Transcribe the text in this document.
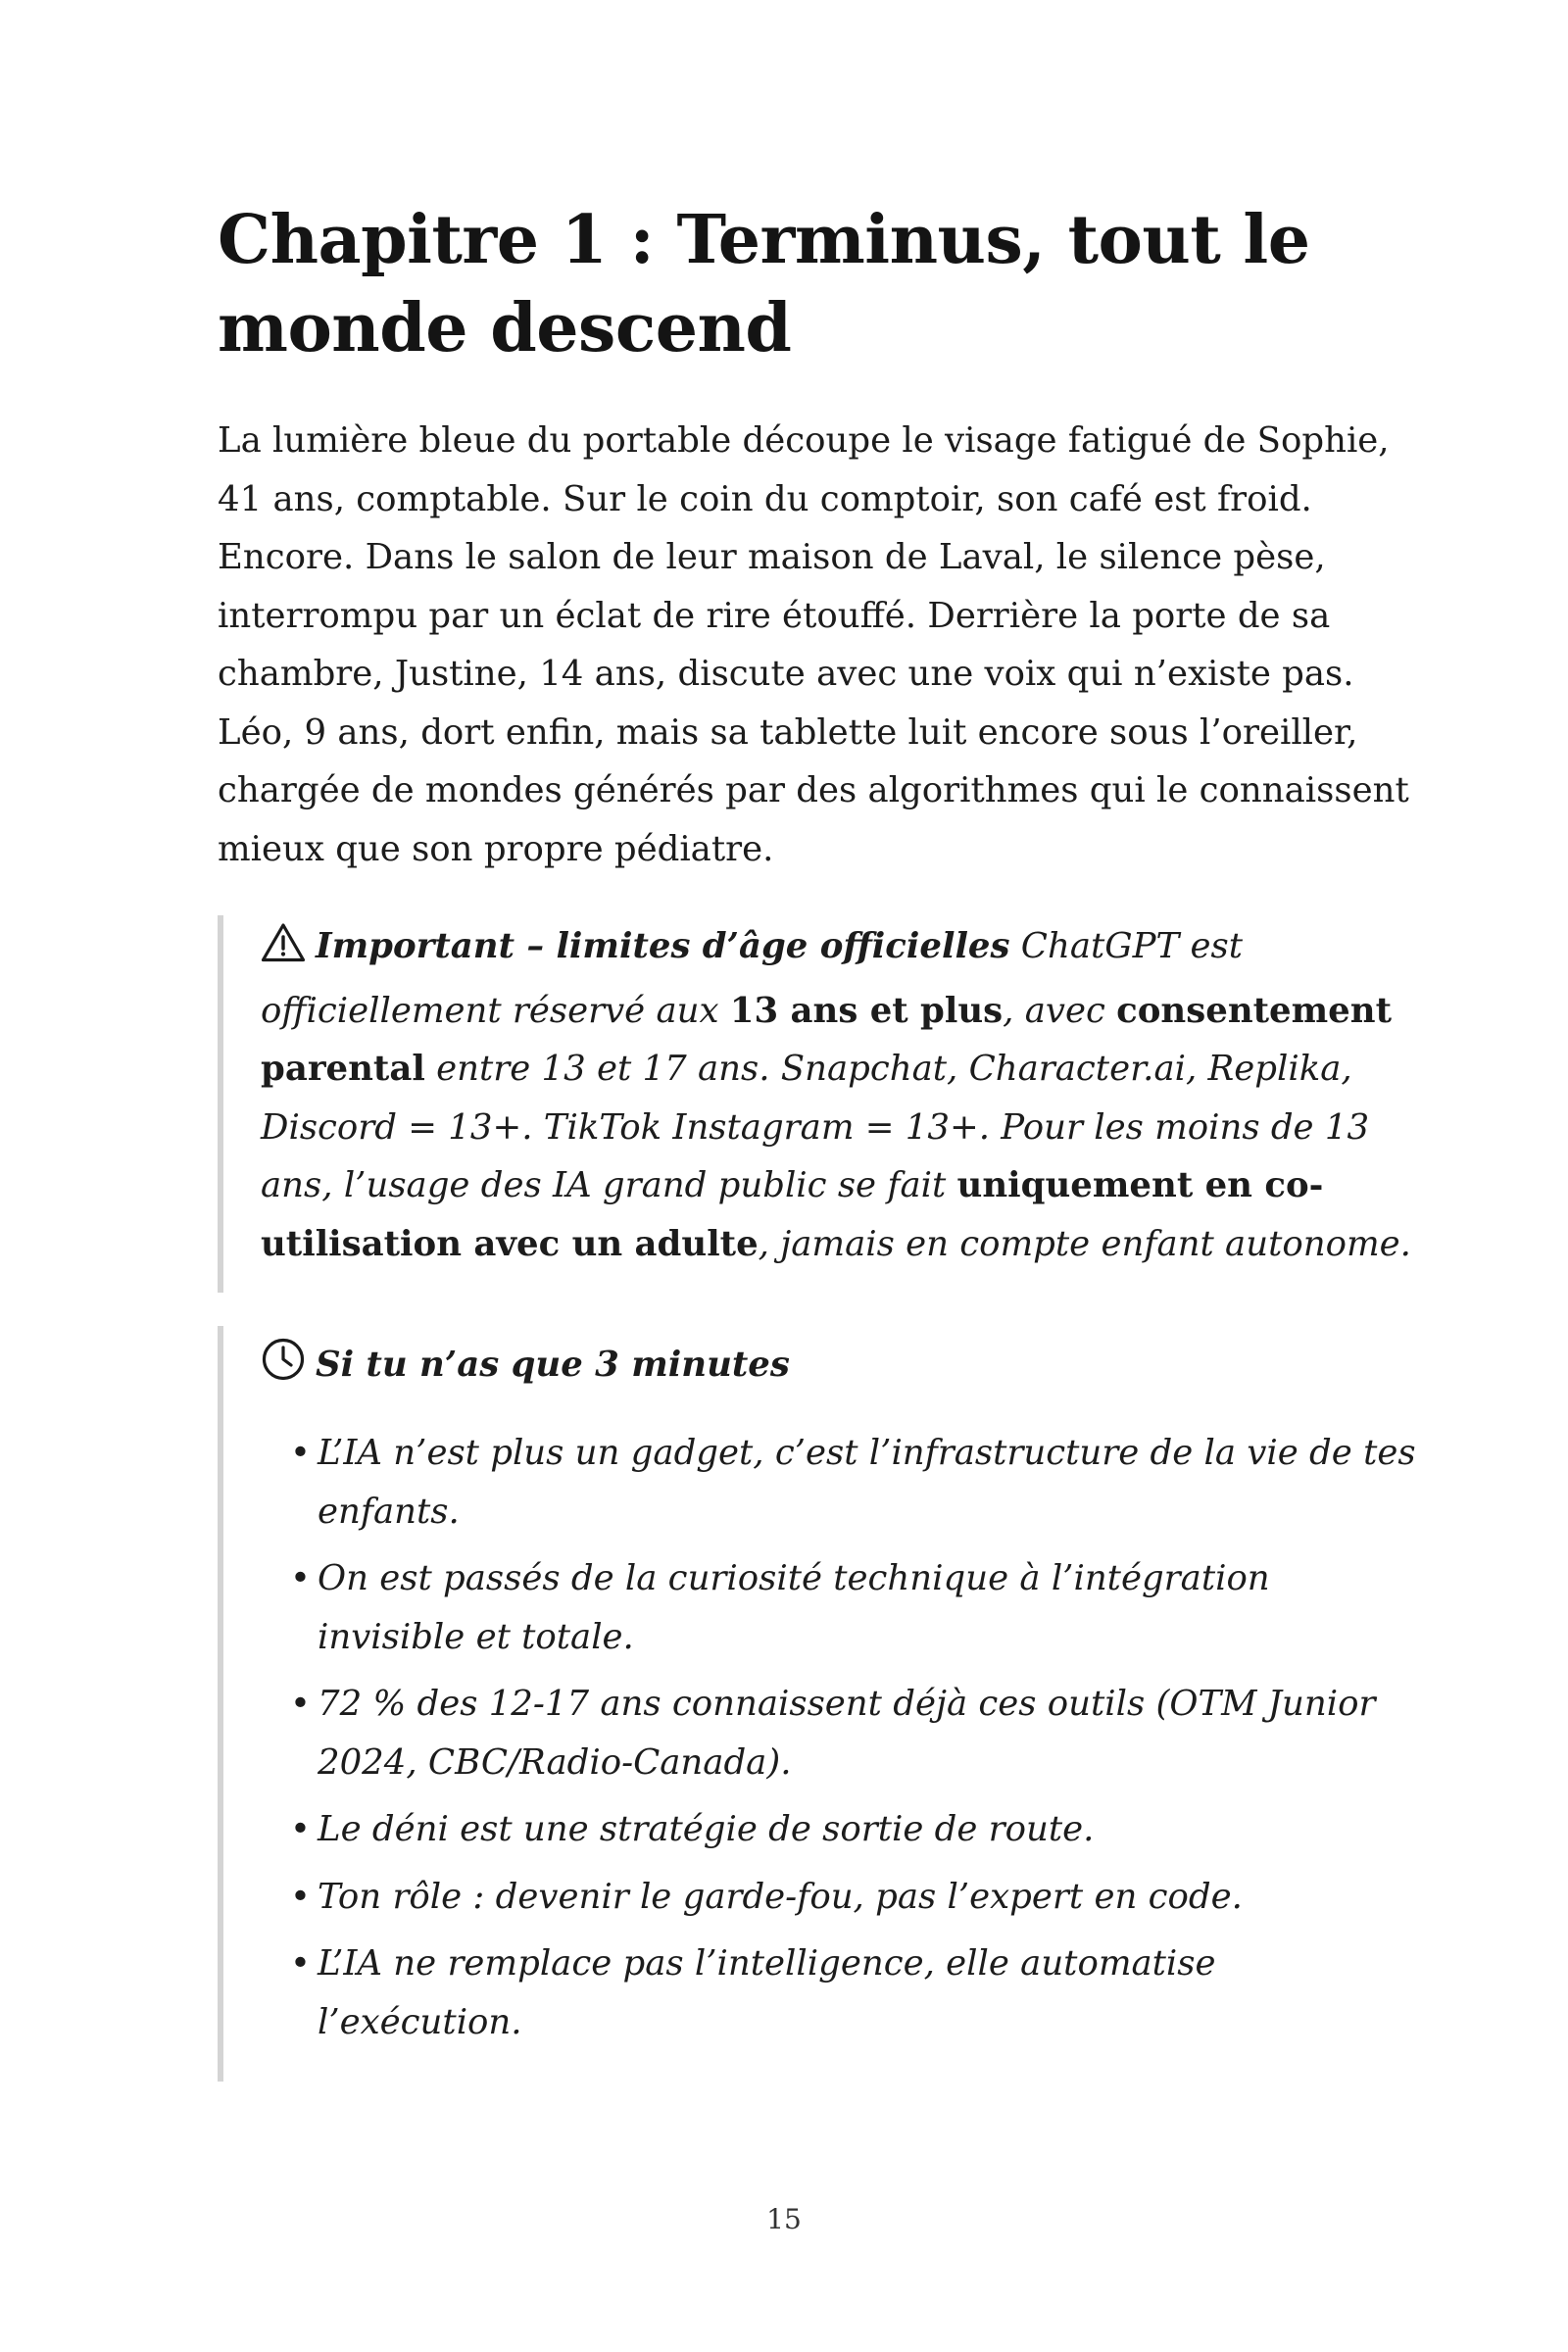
Chapitre 1 : Terminus, tout le monde descend

La lumière bleue du portable découpe le visage fatigué de Sophie, 41 ans, comptable. Sur le coin du comptoir, son café est froid. Encore. Dans le salon de leur maison de Laval, le silence pèse, interrompu par un éclat de rire étouffé. Derrière la porte de sa chambre, Justine, 14 ans, discute avec une voix qui n’existe pas. Léo, 9 ans, dort enfin, mais sa tablette luit encore sous l’oreiller, chargée de mondes générés par des algorithmes qui le connaissent mieux que son propre pédiatre.

Important – limites d’âge officielles ChatGPT est officiellement réservé aux 13 ans et plus, avec consentement parental entre 13 et 17 ans. Snapchat, Character.ai, Replika, Discord = 13+. TikTok Instagram = 13+. Pour les moins de 13 ans, l’usage des IA grand public se fait uniquement en co-utilisation avec un adulte, jamais en compte enfant autonome.
Si tu n’as que 3 minutes
• L’IA n’est plus un gadget, c’est l’infrastructure de la vie de tes enfants.
• On est passés de la curiosité technique à l’intégration invisible et totale.
• 72 % des 12-17 ans connaissent déjà ces outils (OTM Junior 2024, CBC/Radio-Canada).
• Le déni est une stratégie de sortie de route.
• Ton rôle : devenir le garde-fou, pas l’expert en code.
• L’IA ne remplace pas l’intelligence, elle automatise l’exécution.
15
